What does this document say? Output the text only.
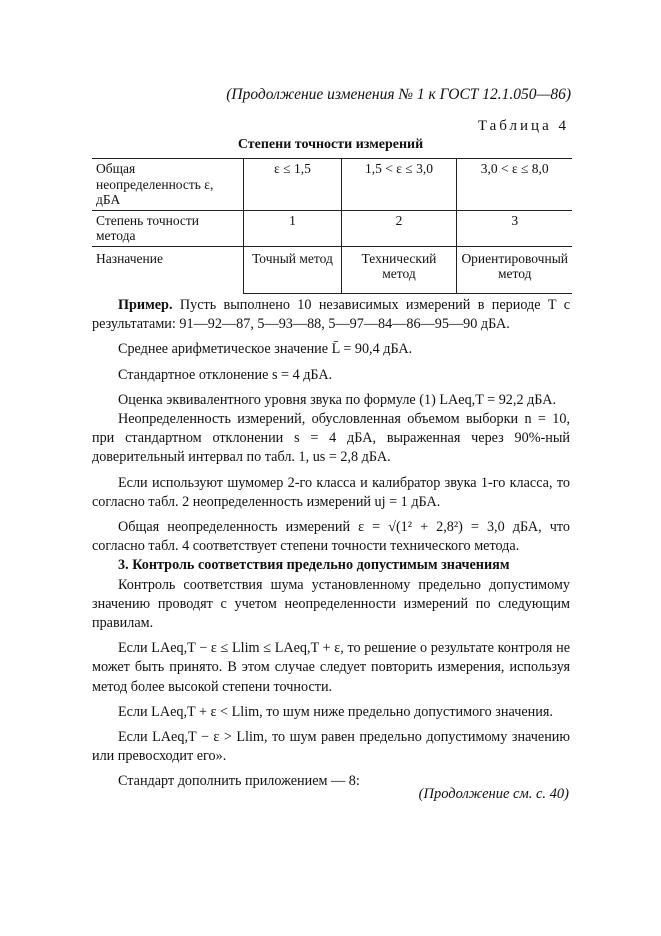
(Продолжение изменения № 1 к ГОСТ 12.1.050—86)
Таблица 4
Степени точности измерений
Общая неопределенность ε, дБА	ε ≤ 1,5	1,5 < ε ≤ 3,0	3,0 < ε ≤ 8,0
Степень точности метода	1	2	3
Назначение	Точный метод	Технический метод	Ориентировочный метод

Пример. Пусть выполнено 10 независимых измерений в периоде T с результатами: 91—92—87, 5—93—88, 5—97—84—86—95—90 дБА.

Среднее арифметическое значение L̄ = 90,4 дБА.

Стандартное отклонение s = 4 дБА.

Оценка эквивалентного уровня звука по формуле (1) LAeq,T = 92,2 дБА.

Неопределенность измерений, обусловленная объемом выборки n = 10, при стандартном отклонении s = 4 дБА, выраженная через 90%-ный доверительный интервал по табл. 1, us = 2,8 дБА.

Если используют шумомер 2-го класса и калибратор звука 1-го класса, то согласно табл. 2 неопределенность измерений uj = 1 дБА.

Общая неопределенность измерений ε = √(1² + 2,8²) = 3,0 дБА, что согласно табл. 4 соответствует степени точности технического метода.

3. Контроль соответствия предельно допустимым значениям

Контроль соответствия шума установленному предельно допустимому значению проводят с учетом неопределенности измерений по следующим правилам.

Если LAeq,T − ε ≤ Llim ≤ LAeq,T + ε, то решение о результате контроля не может быть принято. В этом случае следует повторить измерения, используя метод более высокой степени точности.

Если LAeq,T + ε < Llim, то шум ниже предельно допустимого значения.

Если LAeq,T − ε > Llim, то шум равен предельно допустимому значению или превосходит его».

Стандарт дополнить приложением — 8:

(Продолжение см. с. 40)
